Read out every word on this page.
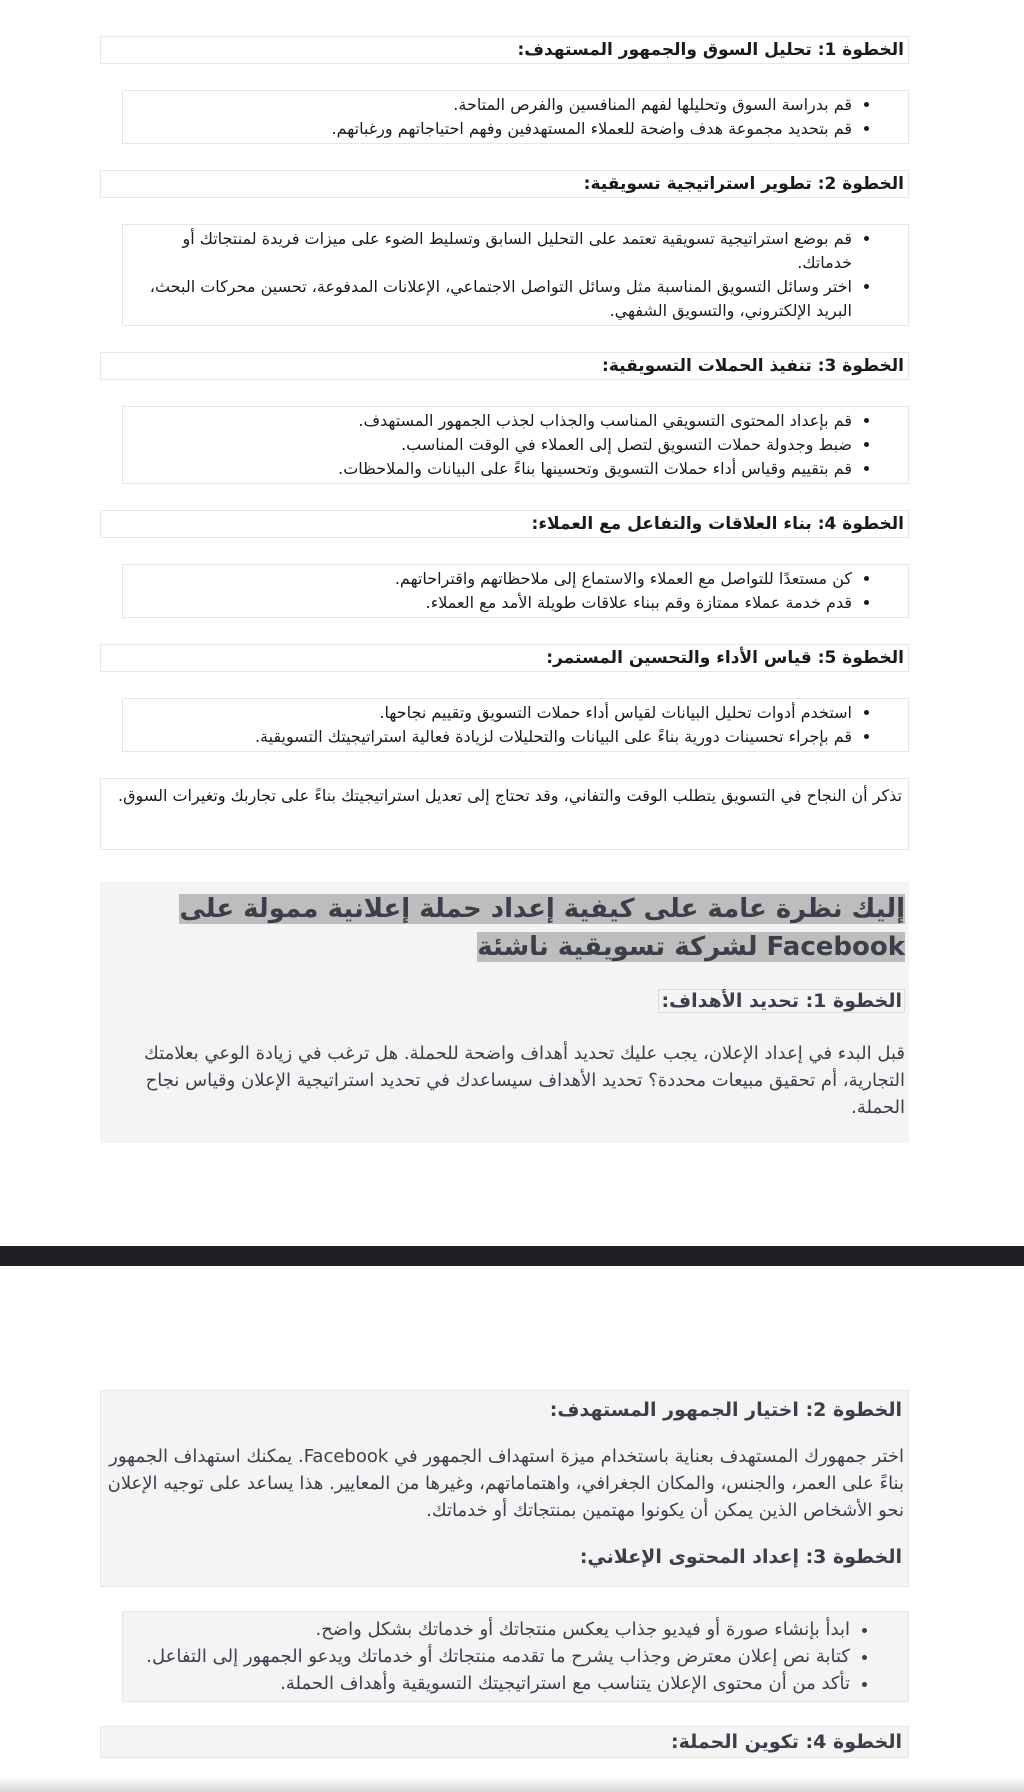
الخطوة 1: تحليل السوق والجمهور المستهدف:
• قم بدراسة السوق وتحليلها لفهم المنافسين والفرص المتاحة.
• قم بتحديد مجموعة هدف واضحة للعملاء المستهدفين وفهم احتياجاتهم ورغباتهم.
الخطوة 2: تطوير استراتيجية تسويقية:
• قم بوضع استراتيجية تسويقية تعتمد على التحليل السابق وتسليط الضوء على ميزات فريدة لمنتجاتك أو خدماتك.
• اختر وسائل التسويق المناسبة مثل وسائل التواصل الاجتماعي، الإعلانات المدفوعة، تحسين محركات البحث، البريد الإلكتروني، والتسويق الشفهي.
الخطوة 3: تنفيذ الحملات التسويقية:
• قم بإعداد المحتوى التسويقي المناسب والجذاب لجذب الجمهور المستهدف.
• ضبط وجدولة حملات التسويق لتصل إلى العملاء في الوقت المناسب.
• قم بتقييم وقياس أداء حملات التسويق وتحسينها بناءً على البيانات والملاحظات.
الخطوة 4: بناء العلاقات والتفاعل مع العملاء:
• كن مستعدًا للتواصل مع العملاء والاستماع إلى ملاحظاتهم واقتراحاتهم.
• قدم خدمة عملاء ممتازة وقم ببناء علاقات طويلة الأمد مع العملاء.
الخطوة 5: قياس الأداء والتحسين المستمر:
• استخدم أدوات تحليل البيانات لقياس أداء حملات التسويق وتقييم نجاحها.
• قم بإجراء تحسينات دورية بناءً على البيانات والتحليلات لزيادة فعالية استراتيجيتك التسويقية.
تذكر أن النجاح في التسويق يتطلب الوقت والتفاني، وقد تحتاج إلى تعديل استراتيجيتك بناءً على تجاربك وتغيرات السوق.
إليك نظرة عامة على كيفية إعداد حملة إعلانية ممولة على Facebook لشركة تسويقية ناشئة
الخطوة 1: تحديد الأهداف:
قبل البدء في إعداد الإعلان، يجب عليك تحديد أهداف واضحة للحملة. هل ترغب في زيادة الوعي بعلامتك التجارية، أم تحقيق مبيعات محددة؟ تحديد الأهداف سيساعدك في تحديد استراتيجية الإعلان وقياس نجاح الحملة.
الخطوة 2: اختيار الجمهور المستهدف:
اختر جمهورك المستهدف بعناية باستخدام ميزة استهداف الجمهور في Facebook. يمكنك استهداف الجمهور بناءً على العمر، والجنس، والمكان الجغرافي، واهتماماتهم، وغيرها من المعايير. هذا يساعد على توجيه الإعلان نحو الأشخاص الذين يمكن أن يكونوا مهتمين بمنتجاتك أو خدماتك.
الخطوة 3: إعداد المحتوى الإعلاني:
• ابدأ بإنشاء صورة أو فيديو جذاب يعكس منتجاتك أو خدماتك بشكل واضح.
• كتابة نص إعلان معترض وجذاب يشرح ما تقدمه منتجاتك أو خدماتك ويدعو الجمهور إلى التفاعل.
• تأكد من أن محتوى الإعلان يتناسب مع استراتيجيتك التسويقية وأهداف الحملة.
الخطوة 4: تكوين الحملة:
